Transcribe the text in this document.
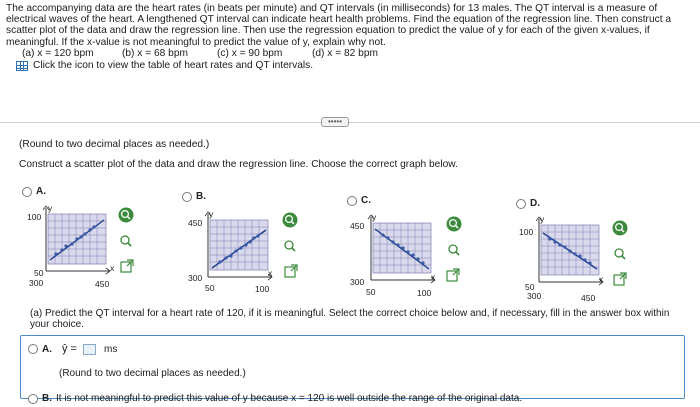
The accompanying data are the heart rates (in beats per minute) and QT intervals (in milliseconds) for 13 males. The QT interval is a measure of

electrical waves of the heart. A lengthened QT interval can indicate heart health problems. Find the equation of the regression line. Then construct a

scatter plot of the data and draw the regression line. Then use the regression equation to predict the value of y for each of the given x-values, if

meaningful. If the x-value is not meaningful to predict the value of y, explain why not.

(a) x = 120 bpm	(b) x = 68 bpm	(c) x = 90 bpm	(d) x = 82 bpm
Click the icon to view the table of heart rates and QT intervals.
•••••
(Round to two decimal places as needed.)
Construct a scatter plot of the data and draw the regression line. Choose the correct graph below.
A.
100
50
300	450
y
x
B.
450
300
50	100
y
x
C.
450
300
50	100
y
x
D.
100
50
300	450
y
x
(a) Predict the QT interval for a heart rate of 120, if it is meaningful. Select the correct choice below and, if necessary, fill in the answer box within your choice.
A. ŷ =	ms
(Round to two decimal places as needed.)
B. It is not meaningful to predict this value of y because x = 120 is well outside the range of the original data.
